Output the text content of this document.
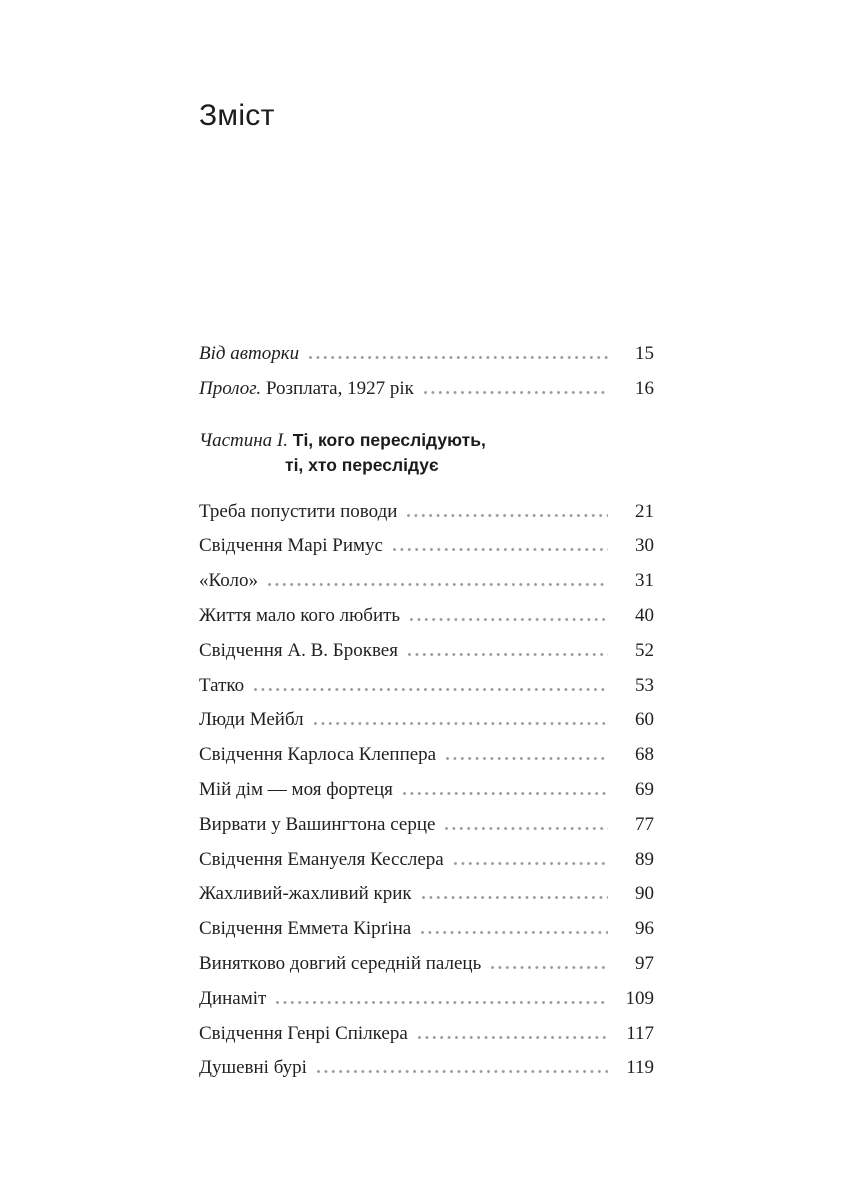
Зміст
Від авторки	15
Пролог. Розплата, 1927 рік	16
Частина І. Ті, кого переслідують,
ті, хто переслідує
Треба попустити поводи	21
Свідчення Марі Римус	30
«Коло»	31
Життя мало кого любить	40
Свідчення А. В. Броквея	52
Татко	53
Люди Мейбл	60
Свідчення Карлоса Клеппера	68
Мій дім — моя фортеця	69
Вирвати у Вашингтона серце	77
Свідчення Емануеля Кесслера	89
Жахливий-жахливий крик	90
Свідчення Еммета Кірґіна	96
Винятково довгий середній палець	97
Динаміт	109
Свідчення Генрі Спілкера	117
Душевні бурі	119
